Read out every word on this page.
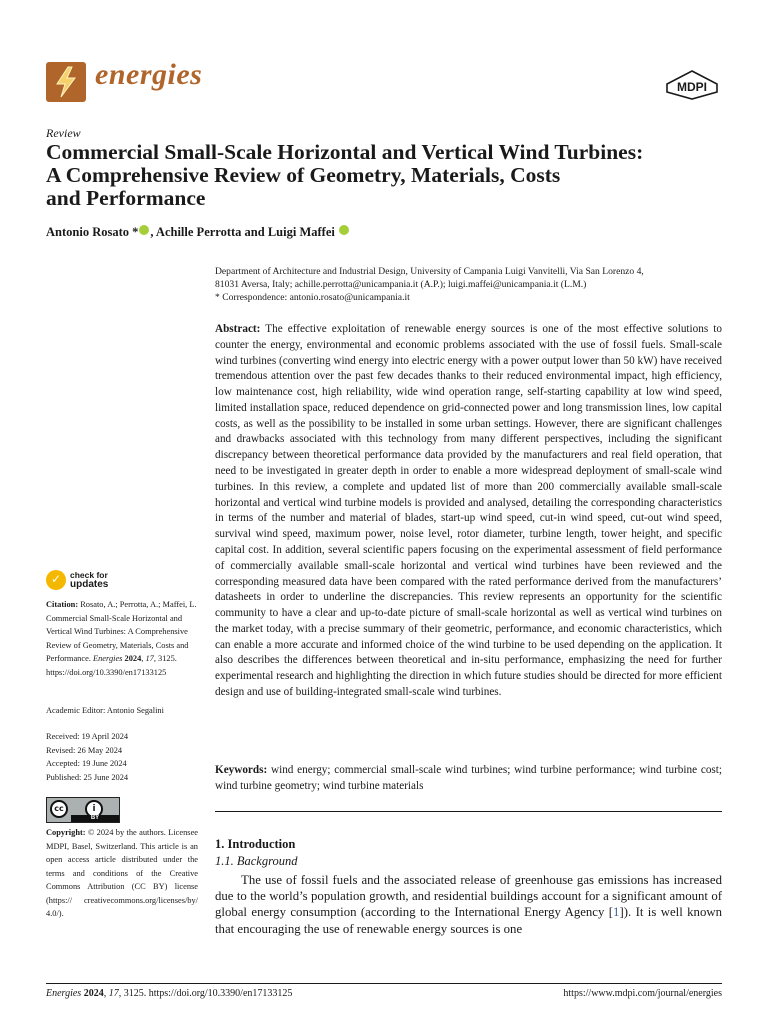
energies	MDPI
Review
Commercial Small-Scale Horizontal and Vertical Wind Turbines:
A Comprehensive Review of Geometry, Materials, Costs
and Performance
Antonio Rosato * , Achille Perrotta and Luigi Maffei
Department of Architecture and Industrial Design, University of Campania Luigi Vanvitelli, Via San Lorenzo 4,
81031 Aversa, Italy; achille.perrotta@unicampania.it (A.P.); luigi.maffei@unicampania.it (L.M.)
* Correspondence: antonio.rosato@unicampania.it
Abstract: The effective exploitation of renewable energy sources is one of the most effective solutions to counter the energy, environmental and economic problems associated with the use of fossil fuels. Small-scale wind turbines (converting wind energy into electric energy with a power output lower than 50 kW) have received tremendous attention over the past few decades thanks to their reduced environmental impact, high efficiency, low maintenance cost, high reliability, wide wind operation range, self-starting capability at low wind speed, limited installation space, reduced dependence on grid-connected power and long transmission lines, low capital costs, as well as the possibility to be installed in some urban settings. However, there are significant challenges and drawbacks associated with this technology from many different perspectives, including the significant discrepancy between theoretical performance data provided by the manufacturers and real field operation, that need to be investigated in greater depth in order to enable a more widespread deployment of small-scale wind turbines. In this review, a complete and updated list of more than 200 commercially available small-scale horizontal and vertical wind turbine models is provided and analysed, detailing the corresponding characteristics in terms of the number and material of blades, start-up wind speed, cut-in wind speed, cut-out wind speed, survival wind speed, maximum power, noise level, rotor diameter, turbine length, tower height, and specific capital cost. In addition, several scientific papers focusing on the experimental assessment of field performance of commercially available small-scale horizontal and vertical wind turbines have been reviewed and the corresponding measured data have been compared with the rated performance derived from the manufacturers’ datasheets in order to underline the discrepancies. This review represents an opportunity for the scientific community to have a clear and up-to-date picture of small-scale horizontal as well as vertical wind turbines on the market today, with a precise summary of their geometric, performance, and economic characteristics, which can enable a more accurate and informed choice of the wind turbine to be used depending on the application. It also describes the differences between theoretical and in-situ performance, emphasizing the need for further experimental research and highlighting the direction in which future studies should be directed for more efficient design and use of building-integrated small-scale wind turbines.
Keywords: wind energy; commercial small-scale wind turbines; wind turbine performance; wind turbine cost; wind turbine geometry; wind turbine materials
1. Introduction
1.1. Background
The use of fossil fuels and the associated release of greenhouse gas emissions has increased due to the world’s population growth, and residential buildings account for a significant amount of global energy consumption (according to the International Energy Agency [1]). It is well known that encouraging the use of renewable energy sources is one
✓ check for
updates
Citation: Rosato, A.; Perrotta, A.; Maffei, L. Commercial Small-Scale Horizontal and Vertical Wind Turbines: A Comprehensive Review of Geometry, Materials, Costs and Performance. Energies 2024, 17, 3125. https://doi.org/10.3390/en17133125
Academic Editor: Antonio Segalini
Received: 19 April 2024
Revised: 26 May 2024
Accepted: 19 June 2024
Published: 25 June 2024
cc	i
BY
Copyright: © 2024 by the authors. Licensee MDPI, Basel, Switzerland. This article is an open access article distributed under the terms and conditions of the Creative Commons Attribution (CC BY) license (https:// creativecommons.org/licenses/by/ 4.0/).
Energies 2024, 17, 3125. https://doi.org/10.3390/en17133125	https://www.mdpi.com/journal/energies
